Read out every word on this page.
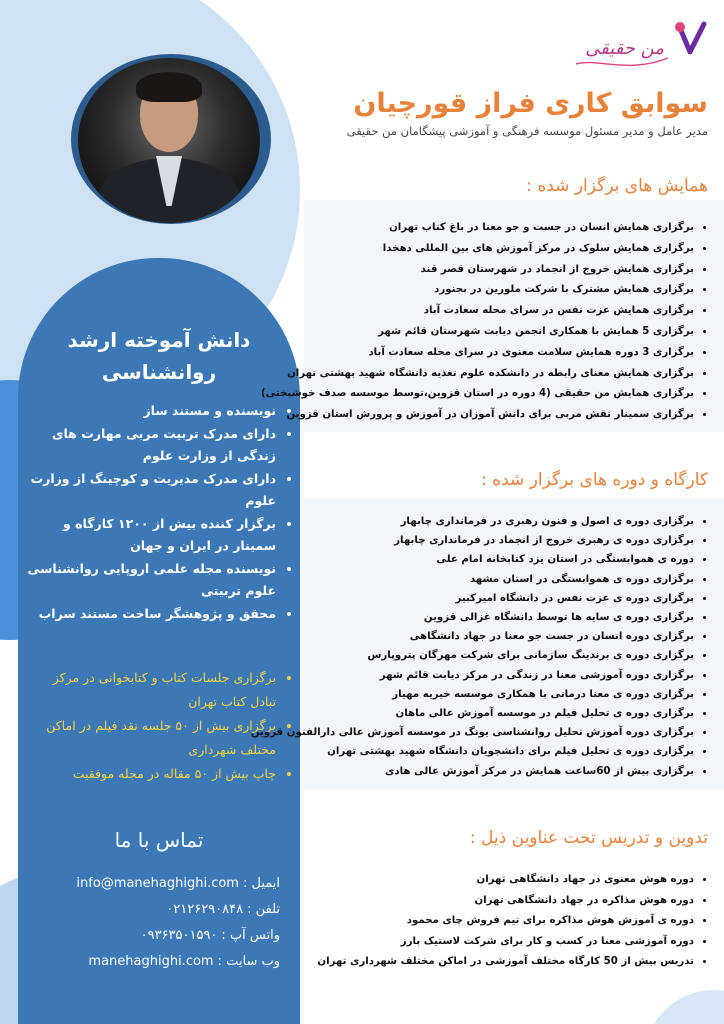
من حقیقی
سوابق کاری فراز قورچیان
مدیر عامل و مدیر مسئول موسسه فرهنگی و آموزشی پیشگامان من حقیقی
دانش آموخته ارشد
روانشناسی
• نویسنده و مستند ساز
• دارای مدرک تربیت مربی مهارت های زندگی از وزارت علوم
• دارای مدرک مدیریت و کوچینگ از وزارت علوم
• برگزار کننده بیش از ۱۲۰۰ کارگاه و سمینار در ایران و جهان
• نویسنده مجله علمی اروپایی روانشناسی علوم تربیتی
• محقق و پژوهشگر ساخت مستند سراب
• برگزاری جلسات کتاب و کتابخوانی در مرکز تبادل کتاب تهران
• برگزاری بیش از ۵۰ جلسه نقد فیلم در اماکن مختلف شهرداری
• چاپ بیش از ۵۰ مقاله در مجله موفقیت
تماس با ما
ایمیل :info@manehaghighi.com
تلفن :۰۲۱۲۶۲۹۰۸۴۸
واتس آپ :۰۹۳۶۳۵۰۱۵۹۰
وب سایت :manehaghighi.com
همایش های برگزار شده :
• برگزاری همایش انسان در جست و جو معنا در باغ کتاب تهران
• برگزاری همایش سلوک در مرکز آموزش های بین المللی دهخدا
• برگزاری همایش خروج از انجماد در شهرستان قصر قند
• برگزاری همایش مشترک با شرکت ملورین در بجنورد
• برگزاری همایش عزت نفس در سرای محله سعادت آباد
• برگزاری 5 همایش با همکاری انجمن دیابت شهرستان قائم شهر
• برگزاری 3 دوره همایش سلامت معنوی در سرای محله سعادت آباد
• برگزاری همایش معنای رابطه در دانشکده علوم تغذیه دانشگاه شهید بهشتی تهران
• برگزاری همایش من حقیقی (4 دوره در استان قزوین،توسط موسسه صدف خوشبختی)
• برگزاری سمینار نقش مربی برای دانش آموزان در آموزش و پرورش استان قزوین
کارگاه و دوره های برگزار شده :
• برگزاری دوره ی اصول و فنون رهبری در فرمانداری چابهار
• برگزاری دوره ی رهبری خروج از انجماد در فرمانداری چابهار
• دوره ی هموابستگی در استان یزد کتابخانه امام علی
• برگزاری دوره ی هموابستگی در استان مشهد
• برگزاری دوره ی عزت نفس در دانشگاه امیرکبیر
• برگزاری دوره ی سایه ها توسط دانشگاه غزالی قزوین
• برگزاری دوره انسان در جست جو معنا در جهاد دانشگاهی
• برگزاری دوره ی برندینگ سازمانی برای شرکت مهرگان پتروپارس
• برگزاری دوره آموزشی معنا در زندگی در مرکز دیابت قائم شهر
• برگزاری دوره ی معنا درمانی با همکاری موسسه خیریه مهیار
• برگزاری دوره ی تحلیل فیلم در موسسه آموزش عالی ماهان
• برگزاری دوره آموزش تحلیل روانشناسی یونگ در موسسه آموزش عالی دارالفنون قزوین
• برگزاری دوره ی تحلیل فیلم برای دانشجویان دانشگاه شهید بهشتی تهران
• برگزاری بیش از 60ساعت همایش در مرکز آموزش عالی هادی
تدوین و تدریس تحت عناوین ذیل :
• دوره هوش معنوی در جهاد دانشگاهی تهران
• دوره هوش مذاکره در جهاد دانشگاهی تهران
• دوره ی آموزش هوش مذاکره برای تیم فروش چای محمود
• دوره آموزشی معنا در کسب و کار برای شرکت لاستیک بارز
• تدریس بیش از 50 کارگاه مختلف آموزشی در اماکن مختلف شهرداری تهران
